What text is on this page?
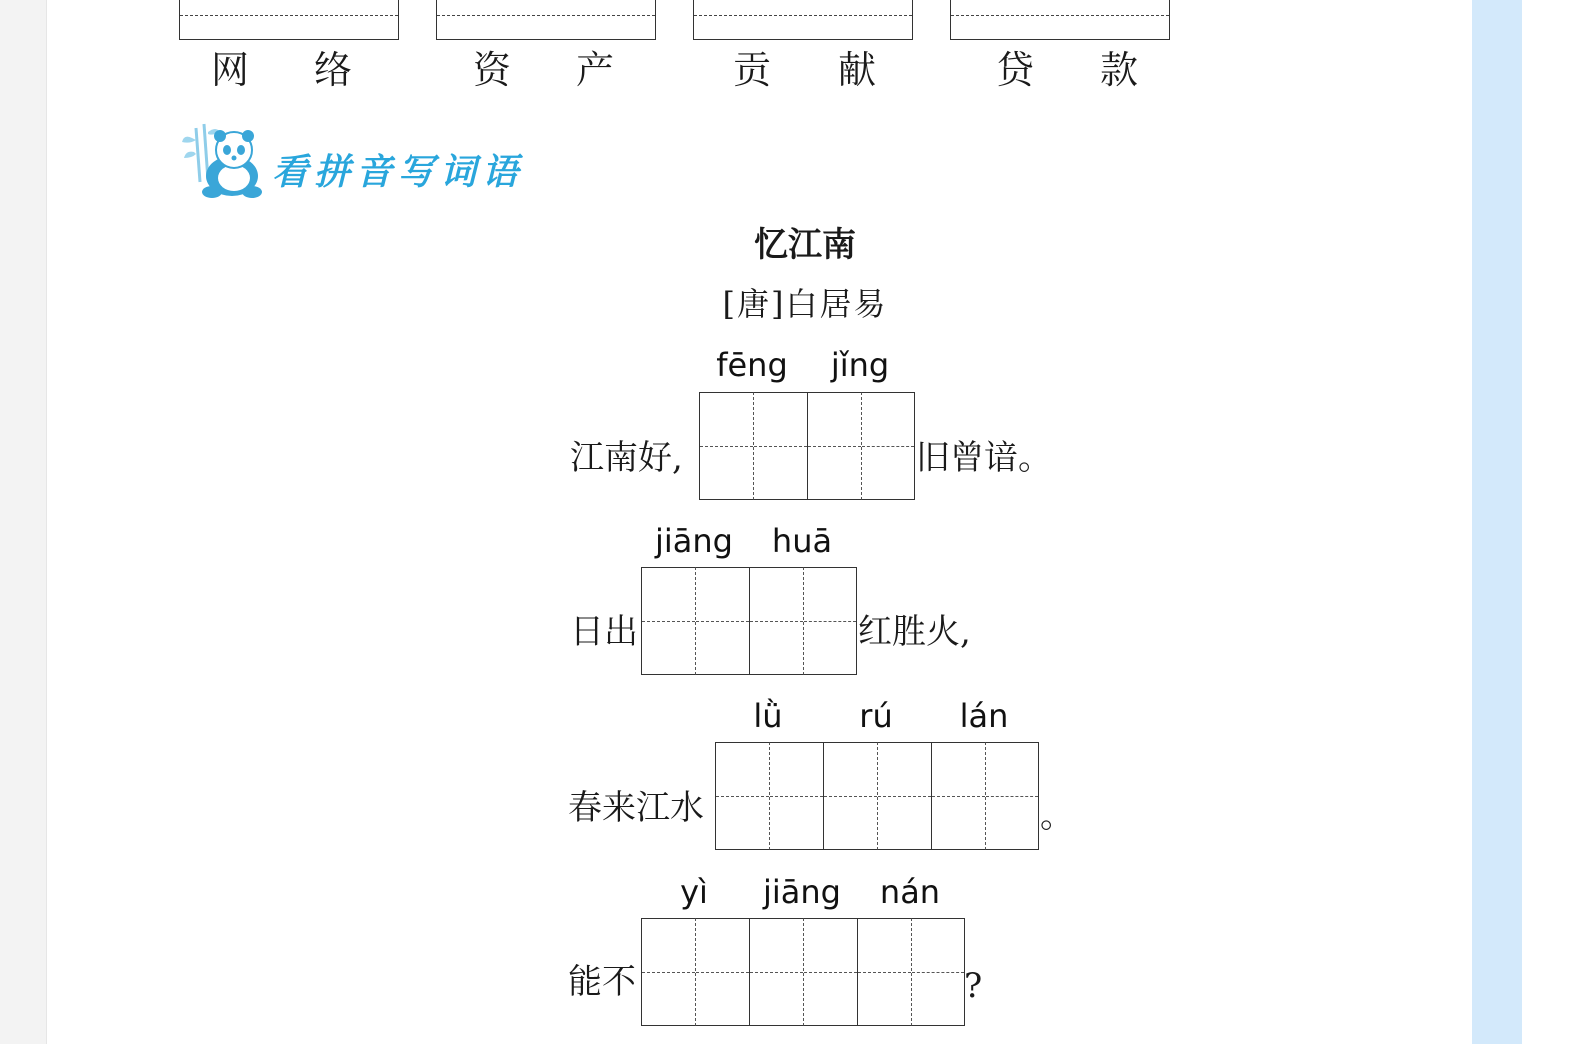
网 络	资 产	贡 献	贷 款
看拼音写词语
忆江南
[唐]白居易
fēng	jǐng
江南好,	旧曾谙。
jiāng	huā
日出	红胜火,
lǜ	rú	lán
春来江水	。
yì	jiāng	nán
能不	?
